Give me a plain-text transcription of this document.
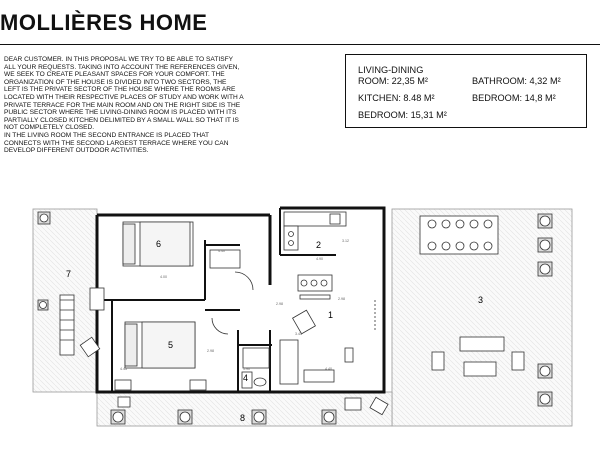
MOLLIÈRES HOME

DEAR CUSTOMER. IN THIS PROPOSAL WE TRY TO BE ABLE TO SATISFY

ALL YOUR REQUESTS. TAKING INTO ACCOUNT THE REFERENCES GIVEN,

WE SEEK TO CREATE PLEASANT SPACES FOR YOUR COMFORT. THE

ORGANIZATION OF THE HOUSE IS DIVIDED INTO TWO SECTORS, THE

LEFT IS THE PRIVATE SECTOR OF THE HOUSE WHERE THE ROOMS ARE

LOCATED WITH THEIR RESPECTIVE PLACES OF STUDY AND WORK WITH A

PRIVATE TERRACE FOR THE MAIN ROOM AND ON THE RIGHT SIDE IS THE

PUBLIC SECTOR WHERE THE LIVING-DINING ROOM IS PLACED WITH ITS

PARTIALLY CLOSED KITCHEN DELIMITED BY A SMALL WALL SO THAT IT IS

NOT COMPLETELY CLOSED.

IN THE LIVING ROOM THE SECOND ENTRANCE IS PLACED THAT

CONNECTS WITH THE SECOND LARGEST TERRACE WHERE YOU CAN

DEVELOP DIFFERENT OUTDOOR ACTIVITIES.

LIVING-DINING
ROOM: 22,35 M²
KITCHEN: 8.48 M²
BEDROOM: 15,31 M²
BATHROOM: 4,32 M²
BEDROOM: 14,8 M²
1
2
3
4
5
6
7
8
4.00
4.45	4.40
4.40
2.98
2.98
1.90
3.12
4.90
2.98
3.45
